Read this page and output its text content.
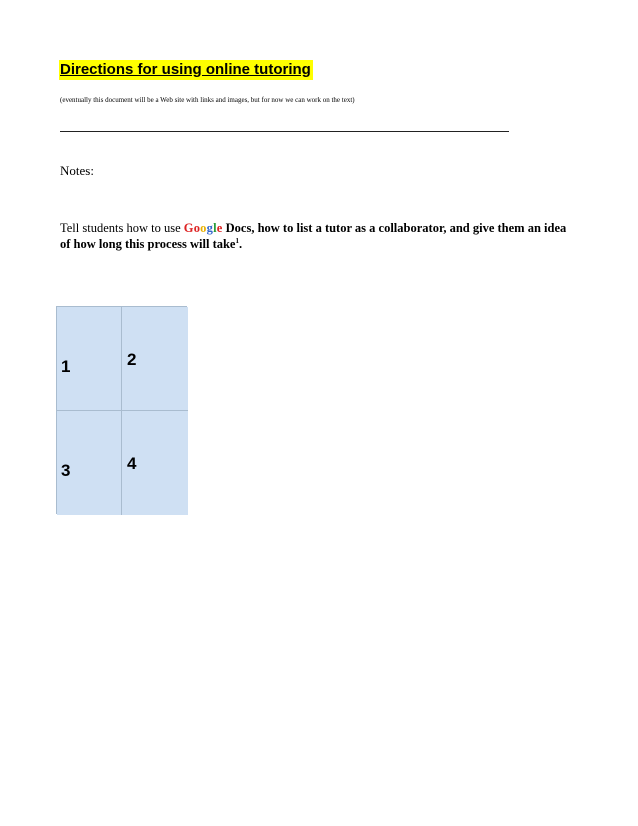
Directions for using online tutoring

(eventually this document will be a Web site with links and images, but for now we can work on the text)

Notes:

Tell students how to use Google Docs, how to list a tutor as a collaborator, and give them an idea
of how long this process will take$^1$.

1	2
3	4
